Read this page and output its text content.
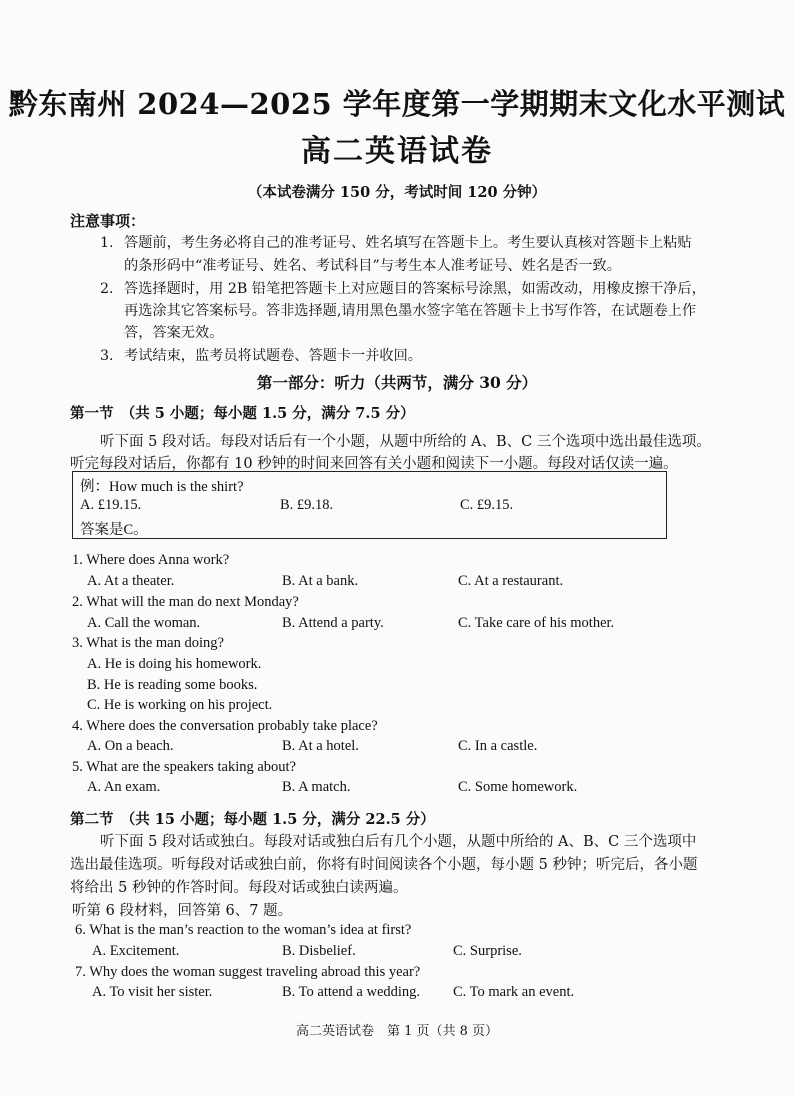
黔东南州 2024—2025 学年度第一学期期末文化水平测试
高二英语试卷
（本试卷满分 150 分，考试时间 120 分钟）
注意事项：
1. 答题前，考生务必将自己的准考证号、姓名填写在答题卡上。考生要认真核对答题卡上粘贴
的条形码中“准考证号、姓名、考试科目”与考生本人准考证号、姓名是否一致。
2. 答选择题时，用 2B 铅笔把答题卡上对应题目的答案标号涂黑，如需改动，用橡皮擦干净后，
再选涂其它答案标号。答非选择题,请用黑色墨水签字笔在答题卡上书写作答，在试题卷上作
答，答案无效。
3. 考试结束，监考员将试题卷、答题卡一并收回。
第一部分：听力（共两节，满分 30 分）
第一节　（共 5 小题；每小题 1.5 分，满分 7.5 分）
听下面 5 段对话。每段对话后有一个小题，从题中所给的 A、B、C 三个选项中选出最佳选项。
听完每段对话后，你都有 10 秒钟的时间来回答有关小题和阅读下一小题。每段对话仅读一遍。
例：How much is the shirt?
A. £19.15.	B. £9.18.	C. £9.15.
答案是C。
1. Where does Anna work?
A. At a theater.	B. At a bank.	C. At a restaurant.
2. What will the man do next Monday?
A. Call the woman.	B. Attend a party.	C. Take care of his mother.
3. What is the man doing?
A. He is doing his homework.
B. He is reading some books.
C. He is working on his project.
4. Where does the conversation probably take place?
A. On a beach.	B. At a hotel.	C. In a castle.
5. What are the speakers taking about?
A. An exam.	B. A match.	C. Some homework.
第二节　（共 15 小题；每小题 1.5 分，满分 22.5 分）
听下面 5 段对话或独白。每段对话或独白后有几个小题，从题中所给的 A、B、C 三个选项中
选出最佳选项。听每段对话或独白前，你将有时间阅读各个小题，每小题 5 秒钟；听完后，各小题
将给出 5 秒钟的作答时间。每段对话或独白读两遍。
听第 6 段材料，回答第 6、7 题。
6. What is the man’s reaction to the woman’s idea at first?
A. Excitement.	B. Disbelief.	C. Surprise.
7. Why does the woman suggest traveling abroad this year?
A. To visit her sister.	B. To attend a wedding. C. To mark an event.
高二英语试卷　第 1 页（共 8 页）
